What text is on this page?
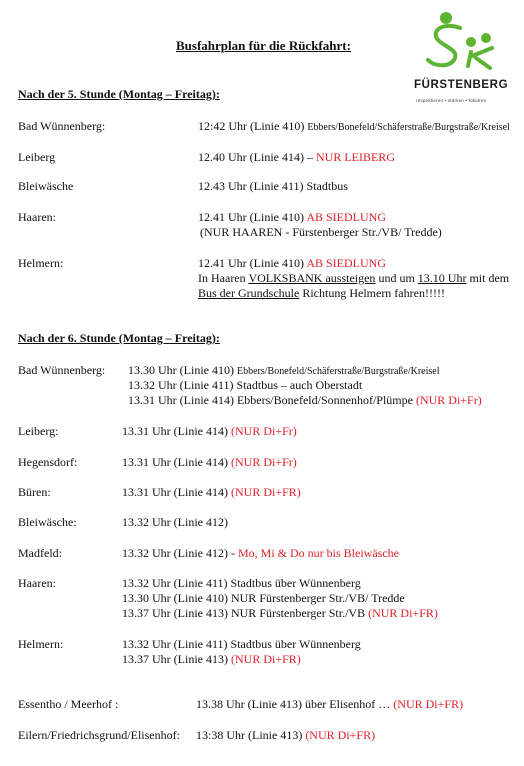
FÜRSTENBERG
respektieren • stärken • fokidren
Busfahrplan für die Rückfahrt:
Nach der 5. Stunde (Montag – Freitag):
Bad Wünnenberg:	12:42 Uhr (Linie 410) Ebbers/Bonefeld/Schäferstraße/Burgstraße/Kreisel
Leiberg	12.40 Uhr (Linie 414) – NUR LEIBERG
Bleiwäsche	12.43 Uhr (Linie 411) Stadtbus
Haaren:	12.41 Uhr (Linie 410) AB SIEDLUNG
(NUR HAAREN - Fürstenberger Str./VB/ Tredde)
Helmern:	12.41 Uhr (Linie 410) AB SIEDLUNG
In Haaren VOLKSBANK aussteigen und um 13.10 Uhr mit dem
Bus der Grundschule Richtung Helmern fahren!!!!!
Nach der 6. Stunde (Montag – Freitag):
Bad Wünnenberg: 13.30 Uhr (Linie 410) Ebbers/Bonefeld/Schäferstraße/Burgstraße/Kreisel
13.32 Uhr (Linie 411) Stadtbus – auch Oberstadt
13.31 Uhr (Linie 414) Ebbers/Bonefeld/Sonnenhof/Plümpe (NUR Di+Fr)
Leiberg:	13.31 Uhr (Linie 414) (NUR Di+Fr)
Hegensdorf:	13.31 Uhr (Linie 414) (NUR Di+Fr)
Büren:	13.31 Uhr (Linie 414) (NUR Di+FR)
Bleiwäsche:	13.32 Uhr (Linie 412)
Madfeld:	13.32 Uhr (Linie 412) - Mo, Mi & Do nur bis Bleiwäsche
Haaren:	13.32 Uhr (Linie 411) Stadtbus über Wünnenberg
13.30 Uhr (Linie 410) NUR Fürstenberger Str./VB/ Tredde
13.37 Uhr (Linie 413) NUR Fürstenberger Str./VB (NUR Di+FR)
Helmern:	13.32 Uhr (Linie 411) Stadtbus über Wünnenberg
13.37 Uhr (Linie 413) (NUR Di+FR)
Essentho / Meerhof :	13.38 Uhr (Linie 413) über Elisenhof … (NUR Di+FR)
Eilern/Friedrichsgrund/Elisenhof: 13:38 Uhr (Linie 413) (NUR Di+FR)
